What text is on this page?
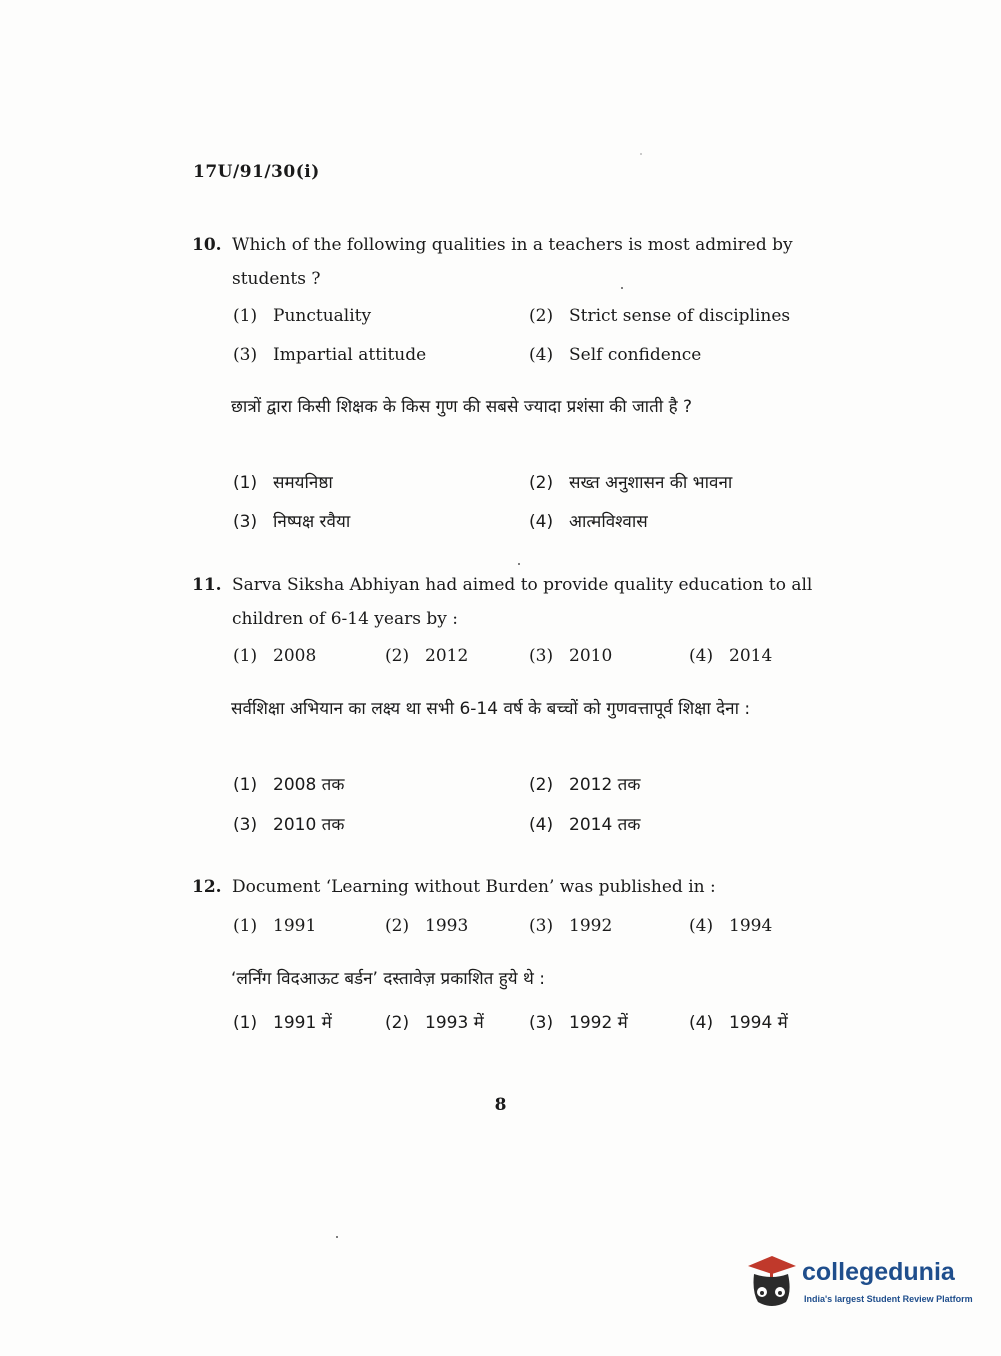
17U/91/30(i)
10. Which of the following qualities in a teachers is most admired by students ?
(1) Punctuality	(2) Strict sense of disciplines
(3) Impartial attitude	(4) Self confidence
छात्रों द्वारा किसी शिक्षक के किस गुण की सबसे ज्यादा प्रशंसा की जाती है ?
(1) समयनिष्ठा	(2) सख्त अनुशासन की भावना
(3) निष्पक्ष रवैया	(4) आत्मविश्वास
11. Sarva Siksha Abhiyan had aimed to provide quality education to all children of 6-14 years by :
(1) 2008	(2) 2012	(3) 2010	(4) 2014
सर्वशिक्षा अभियान का लक्ष्य था सभी 6-14 वर्ष के बच्चों को गुणवत्तापूर्व शिक्षा देना :
(1) 2008 तक	(2) 2012 तक
(3) 2010 तक	(4) 2014 तक
12. Document ‘Learning without Burden’ was published in :
(1) 1991	(2) 1993	(3) 1992	(4) 1994
‘लर्निंग विदआऊट बर्डन’ दस्तावेज़ प्रकाशित हुये थे :
(1) 1991 में	(2) 1993 में	(3) 1992 में	(4) 1994 में
8
collegedunia
India's largest Student Review Platform
